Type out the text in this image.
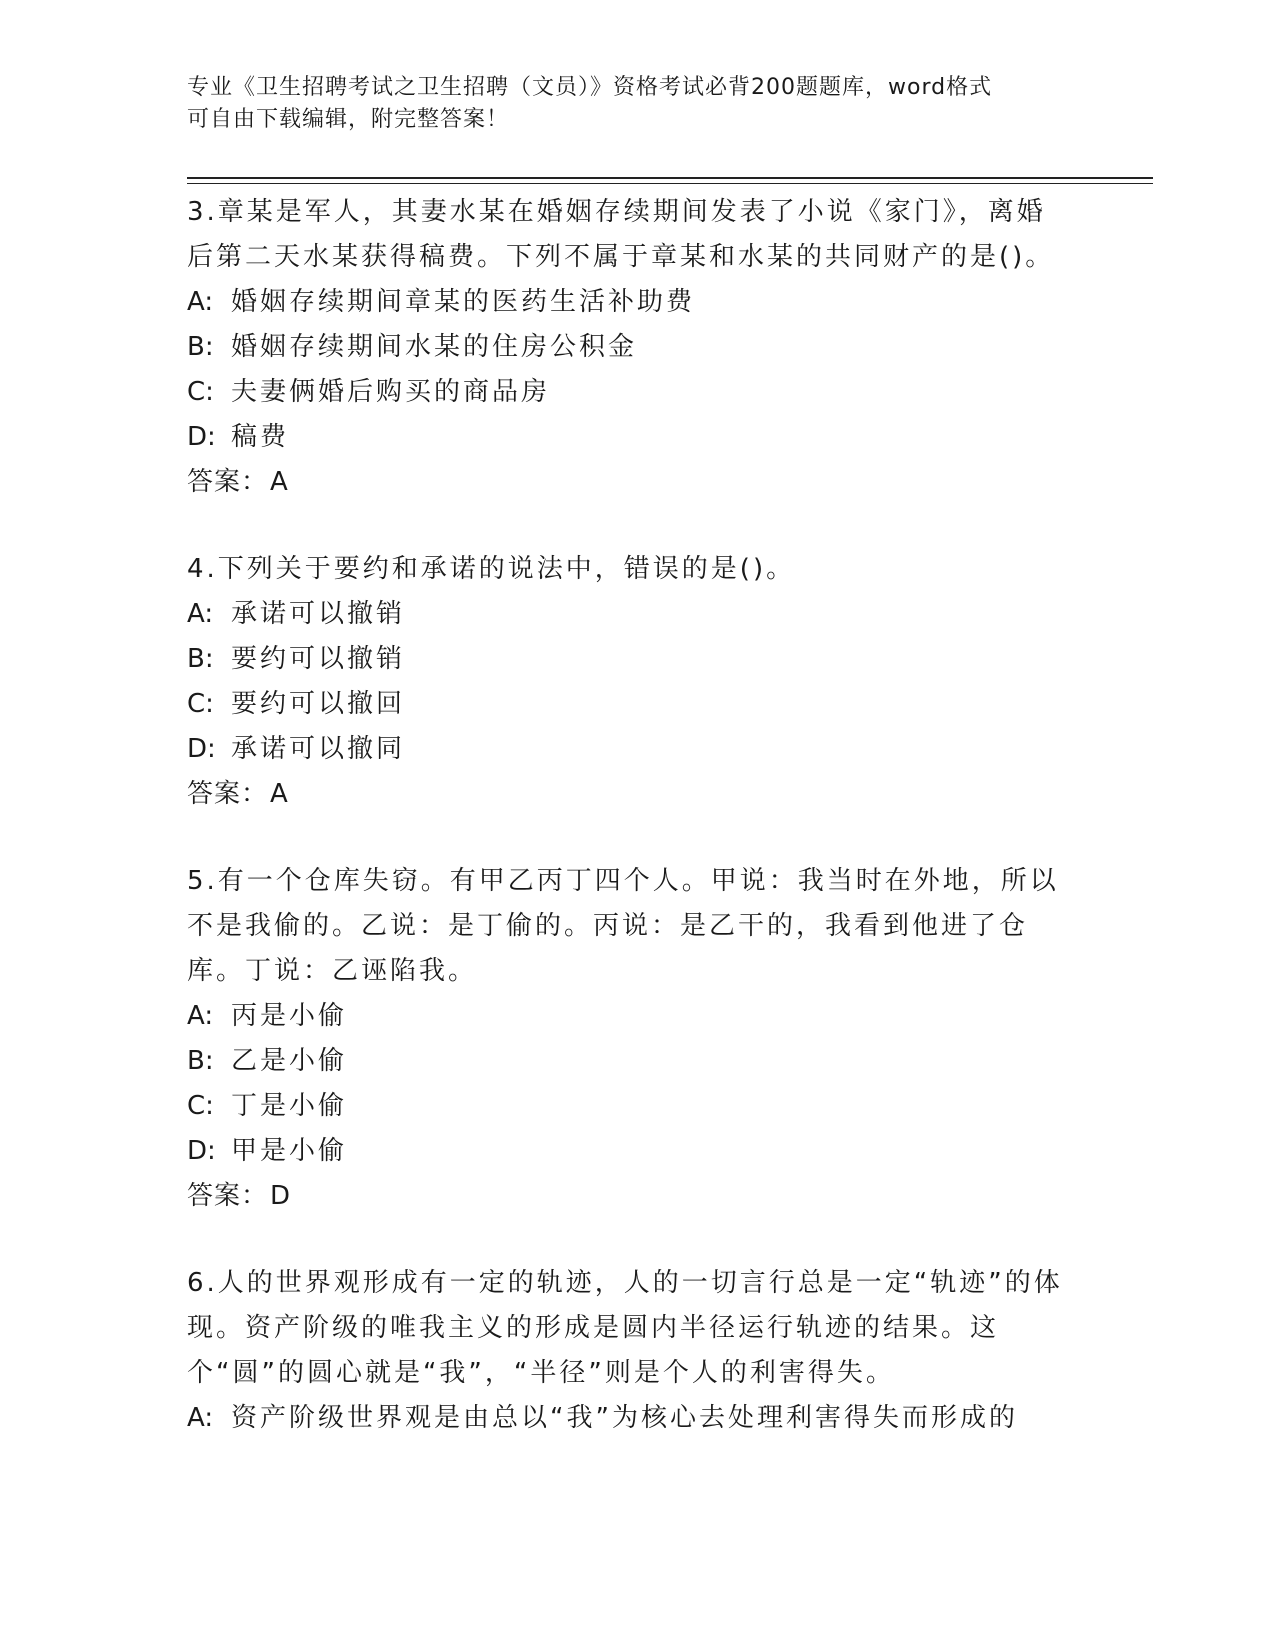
专业《卫生招聘考试之卫生招聘（文员）》资格考试必背200题题库，word格式
可自由下载编辑，附完整答案！
3.章某是军人，其妻水某在婚姻存续期间发表了小说《家门》，离婚后第二天水某获得稿费。下列不属于章某和水某的共同财产的是()。
A: 婚姻存续期间章某的医药生活补助费
B: 婚姻存续期间水某的住房公积金
C: 夫妻俩婚后购买的商品房
D: 稿费
答案：A
4.下列关于要约和承诺的说法中，错误的是()。
A: 承诺可以撤销
B: 要约可以撤销
C: 要约可以撤回
D: 承诺可以撤同
答案：A
5.有一个仓库失窃。有甲乙丙丁四个人。甲说：我当时在外地，所以不是我偷的。乙说：是丁偷的。丙说：是乙干的，我看到他进了仓库。丁说：乙诬陷我。
A: 丙是小偷
B: 乙是小偷
C: 丁是小偷
D: 甲是小偷
答案：D
6.人的世界观形成有一定的轨迹，人的一切言行总是一定“轨迹”的体现。资产阶级的唯我主义的形成是圆内半径运行轨迹的结果。这个“圆”的圆心就是“我”，“半径”则是个人的利害得失。
A: 资产阶级世界观是由总以“我”为核心去处理利害得失而形成的
